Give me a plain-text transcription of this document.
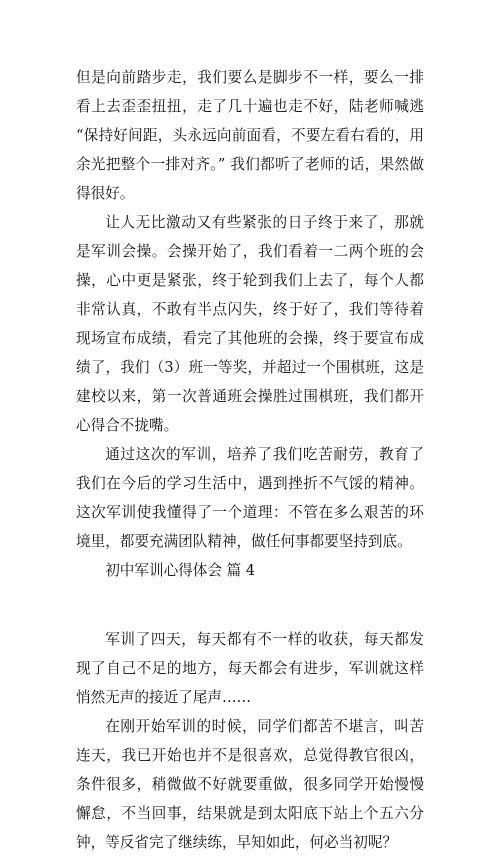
但是向前踏步走，我们要么是脚步不一样，要么一排看上去歪歪扭扭，走了几十遍也走不好，陆老师喊逃 “保持好间距，头永远向前面看，不要左看右看的，用余光把整个一排对齐。” 我们都听了老师的话，果然做得很好。

让人无比激动又有些紧张的日子终于来了，那就是军训会操。会操开始了，我们看着一二两个班的会操，心中更是紧张，终于轮到我们上去了，每个人都非常认真，不敢有半点闪失，终于好了，我们等待着现场宣布成绩，看完了其他班的会操，终于要宣布成绩了，我们（3）班一等奖，并超过一个围棋班，这是建校以来，第一次普通班会操胜过围棋班，我们都开心得合不拢嘴。

通过这次的军训，培养了我们吃苦耐劳，教育了我们在今后的学习生活中，遇到挫折不气馁的精神。这次军训使我懂得了一个道理：不管在多么艰苦的环境里，都要充满团队精神，做任何事都要坚持到底。

初中军训心得体会 篇 4

军训了四天，每天都有不一样的收获，每天都发现了自己不足的地方，每天都会有进步，军训就这样悄然无声的接近了尾声……

在刚开始军训的时候，同学们都苦不堪言，叫苦连天，我已开始也并不是很喜欢，总觉得教官很凶，条件很多，稍微做不好就要重做，很多同学开始慢慢懈怠，不当回事，结果就是到太阳底下站上个五六分钟，等反省完了继续练，早知如此，何必当初呢？
